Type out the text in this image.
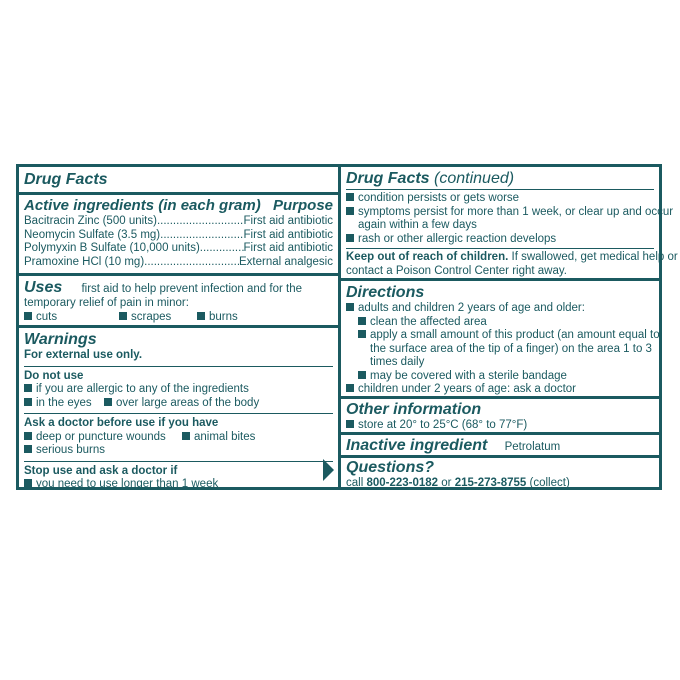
Drug Facts
Active ingredients (in each gram) Purpose
Bacitracin Zinc (500 units) .....	First aid antibiotic
Neomycin Sulfate (3.5 mg) .....	First aid antibiotic
Polymyxin B Sulfate (10,000 units) .....	First aid antibiotic
Pramoxine HCl (10 mg) .....	External analgesic
Uses first aid to help prevent infection and for the
temporary relief of pain in minor:
cuts	scrapes	burns
Warnings
For external use only.
Do not use
if you are allergic to any of the ingredients
in the eyes	over large areas of the body
Ask a doctor before use if you have
deep or puncture wounds	animal bites
serious burns
Stop use and ask a doctor if
you need to use longer than 1 week
Drug Facts (continued)
condition persists or gets worse
symptoms persist for more than 1 week, or clear up and occur
again within a few days
rash or other allergic reaction develops
Keep out of reach of children. If swallowed, get medical help or
contact a Poison Control Center right away.
Directions
adults and children 2 years of age and older:
clean the affected area
apply a small amount of this product (an amount equal to
the surface area of the tip of a finger) on the area 1 to 3
times daily
may be covered with a sterile bandage
children under 2 years of age: ask a doctor
Other information
store at 20° to 25°C (68° to 77°F)
Inactive ingredient Petrolatum
Questions?
call 800-223-0182 or 215-273-8755 (collect)
